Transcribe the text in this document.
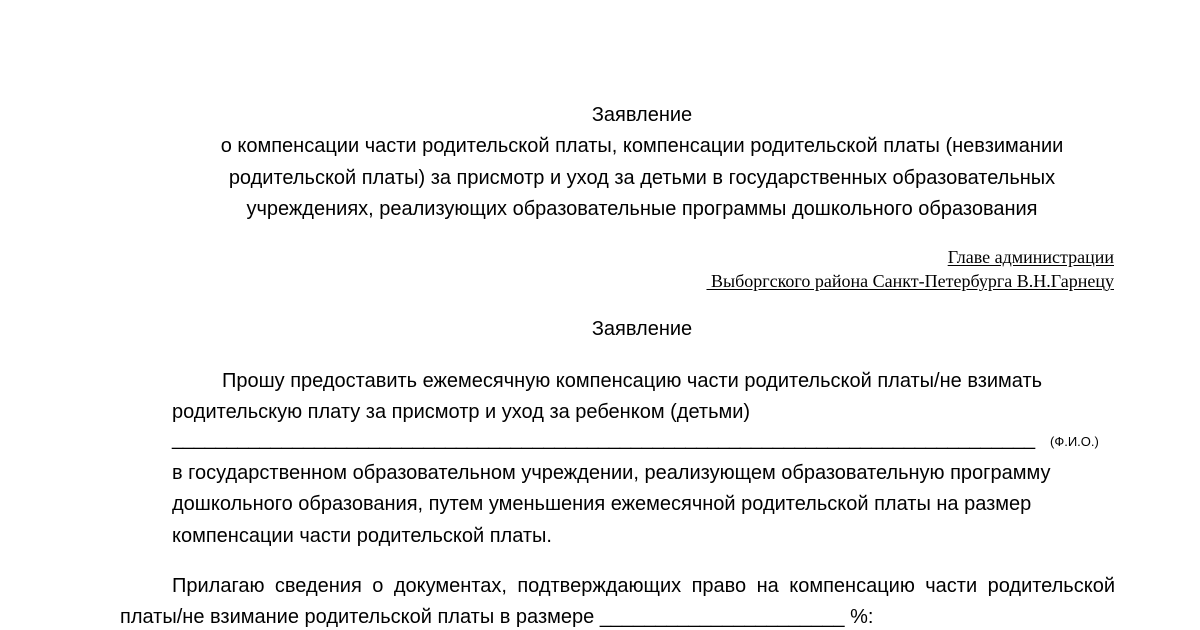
Заявление
о компенсации части родительской платы, компенсации родительской платы (невзимании
родительской платы) за присмотр и уход за детьми в государственных образовательных
учреждениях, реализующих образовательные программы дошкольного образования
Главе администрации
Выборгского района Санкт-Петербурга В.Н.Гарнецу
Заявление
Прошу предоставить ежемесячную компенсацию части родительской платы/не взимать
родительскую плату за присмотр и уход за ребенком (детьми)
_______________________________________________________________________________ (Ф.И.О.)
в государственном образовательном учреждении, реализующем образовательную программу
дошкольного образования, путем уменьшения ежемесячной родительской платы на размер
компенсации части родительской платы.
Прилагаю сведения о документах, подтверждающих право на компенсацию части родительской
платы/не взимание родительской платы в размере ______________________ %:
